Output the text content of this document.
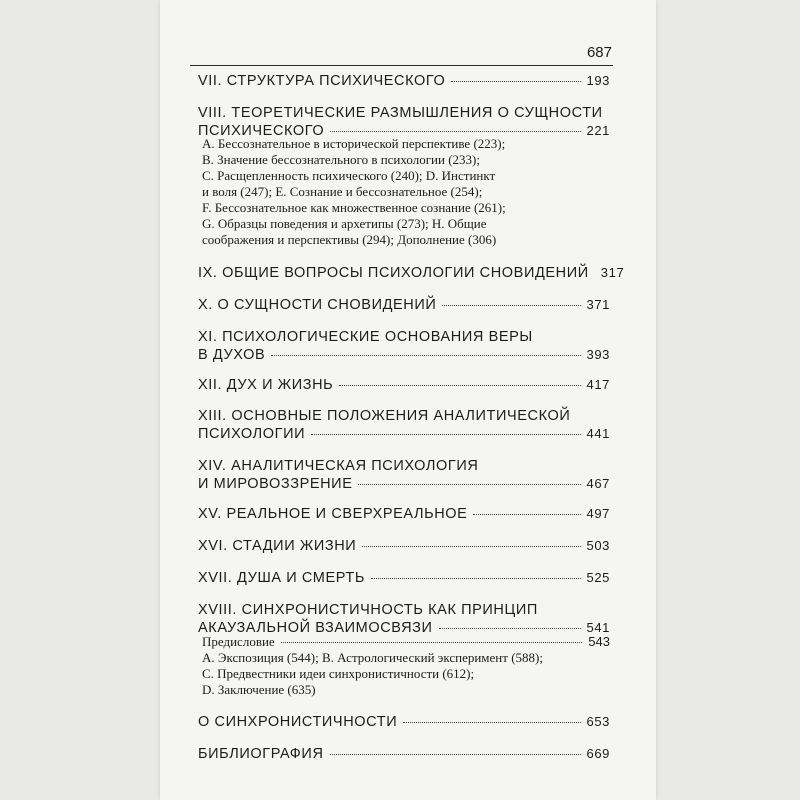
687
VII. СТРУКТУРА ПСИХИЧЕСКОГО	193
VIII. ТЕОРЕТИЧЕСКИЕ РАЗМЫШЛЕНИЯ О СУЩНОСТИ
ПСИХИЧЕСКОГО	221
А. Бессознательное в исторической перспективе (223);
В. Значение бессознательного в психологии (233);
С. Расщепленность психического (240); D. Инстинкт
и воля (247); Е. Сознание и бессознательное (254);
F. Бессознательное как множественное сознание (261);
G. Образцы поведения и архетипы (273); Н. Общие
соображения и перспективы (294); Дополнение (306)
IX. ОБЩИЕ ВОПРОСЫ ПСИХОЛОГИИ СНОВИДЕНИЙ 317
X. О СУЩНОСТИ СНОВИДЕНИЙ	371
XI. ПСИХОЛОГИЧЕСКИЕ ОСНОВАНИЯ ВЕРЫ
В ДУХОВ	393
XII. ДУХ И ЖИЗНЬ	417
XIII. ОСНОВНЫЕ ПОЛОЖЕНИЯ АНАЛИТИЧЕСКОЙ
ПСИХОЛОГИИ	441
XIV. АНАЛИТИЧЕСКАЯ ПСИХОЛОГИЯ
И МИРОВОЗЗРЕНИЕ	467
XV. РЕАЛЬНОЕ И СВЕРХРЕАЛЬНОЕ	497
XVI. СТАДИИ ЖИЗНИ	503
XVII. ДУША И СМЕРТЬ	525
XVIII. СИНХРОНИСТИЧНОСТЬ КАК ПРИНЦИП
АКАУЗАЛЬНОЙ ВЗАИМОСВЯЗИ	541
Предисловие	543
А. Экспозиция (544); В. Астрологический эксперимент (588);
С. Предвестники идеи синхронистичности (612);
D. Заключение (635)
О СИНХРОНИСТИЧНОСТИ	653
БИБЛИОГРАФИЯ	669
